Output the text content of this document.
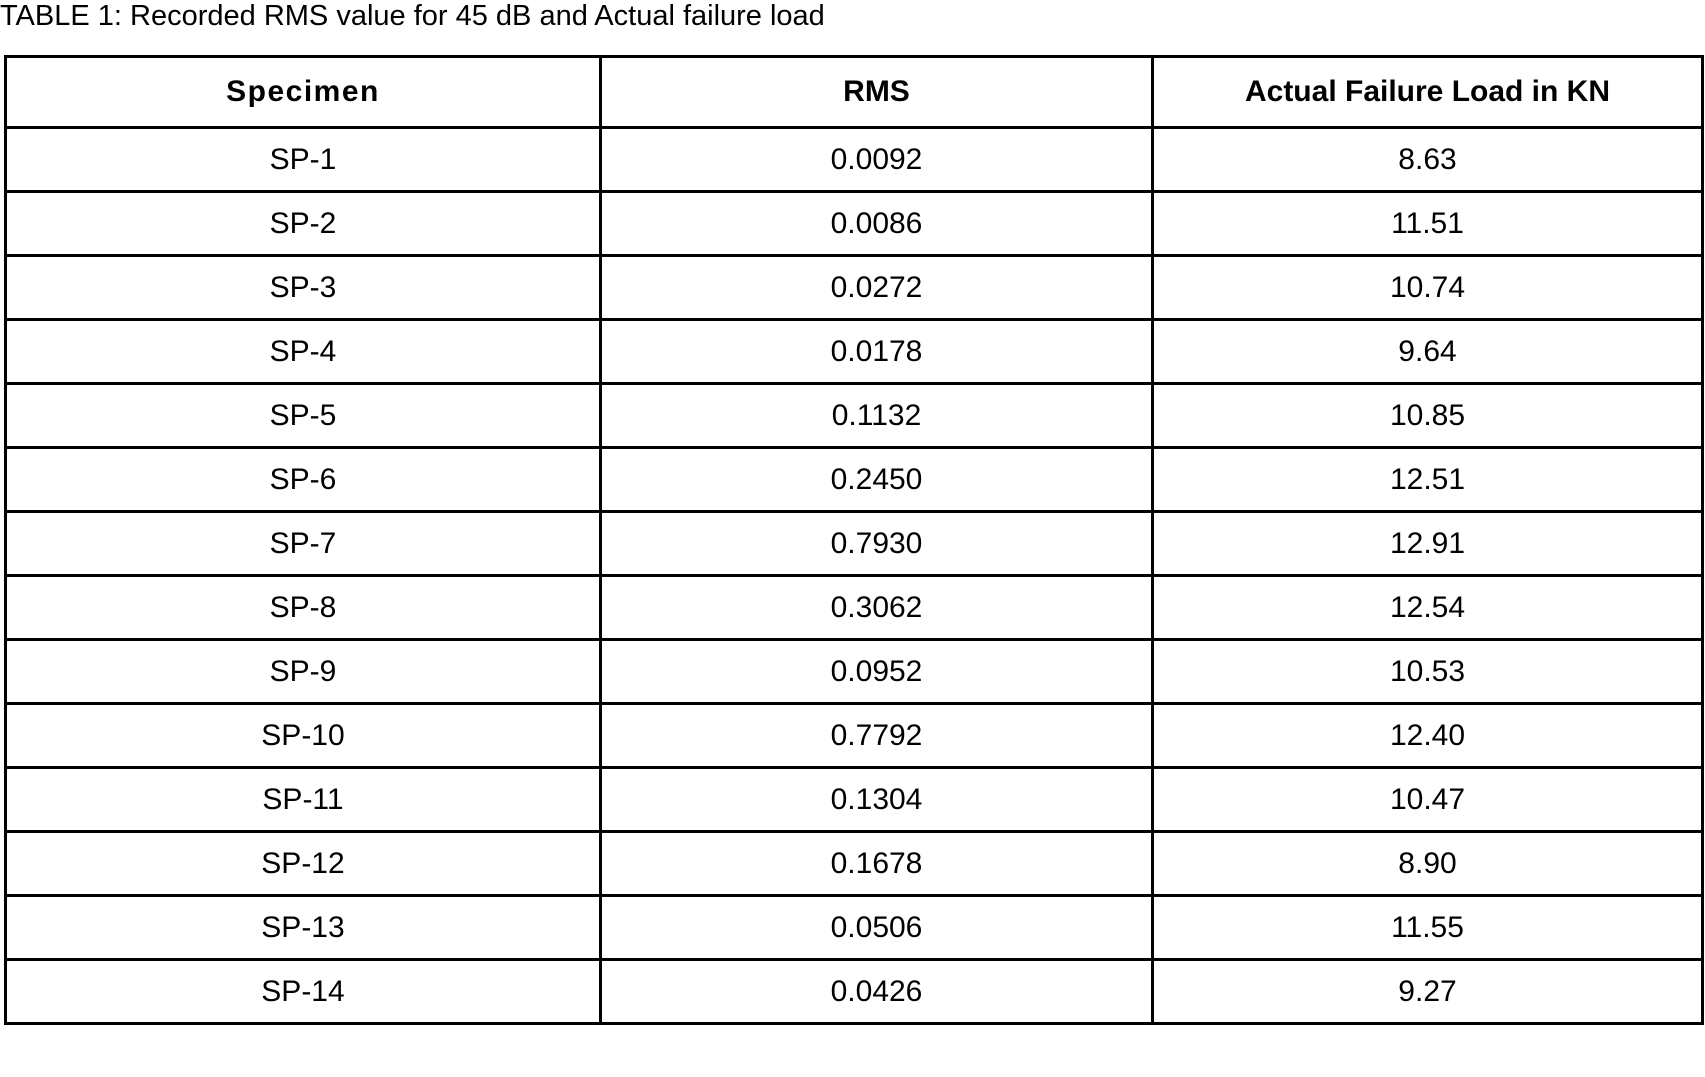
TABLE 1: Recorded RMS value for 45 dB and Actual failure load
Specimen	RMS	Actual Failure Load in KN
SP-1	0.0092	8.63
SP-2	0.0086	11.51
SP-3	0.0272	10.74
SP-4	0.0178	9.64
SP-5	0.1132	10.85
SP-6	0.2450	12.51
SP-7	0.7930	12.91
SP-8	0.3062	12.54
SP-9	0.0952	10.53
SP-10	0.7792	12.40
SP-11	0.1304	10.47
SP-12	0.1678	8.90
SP-13	0.0506	11.55
SP-14	0.0426	9.27
